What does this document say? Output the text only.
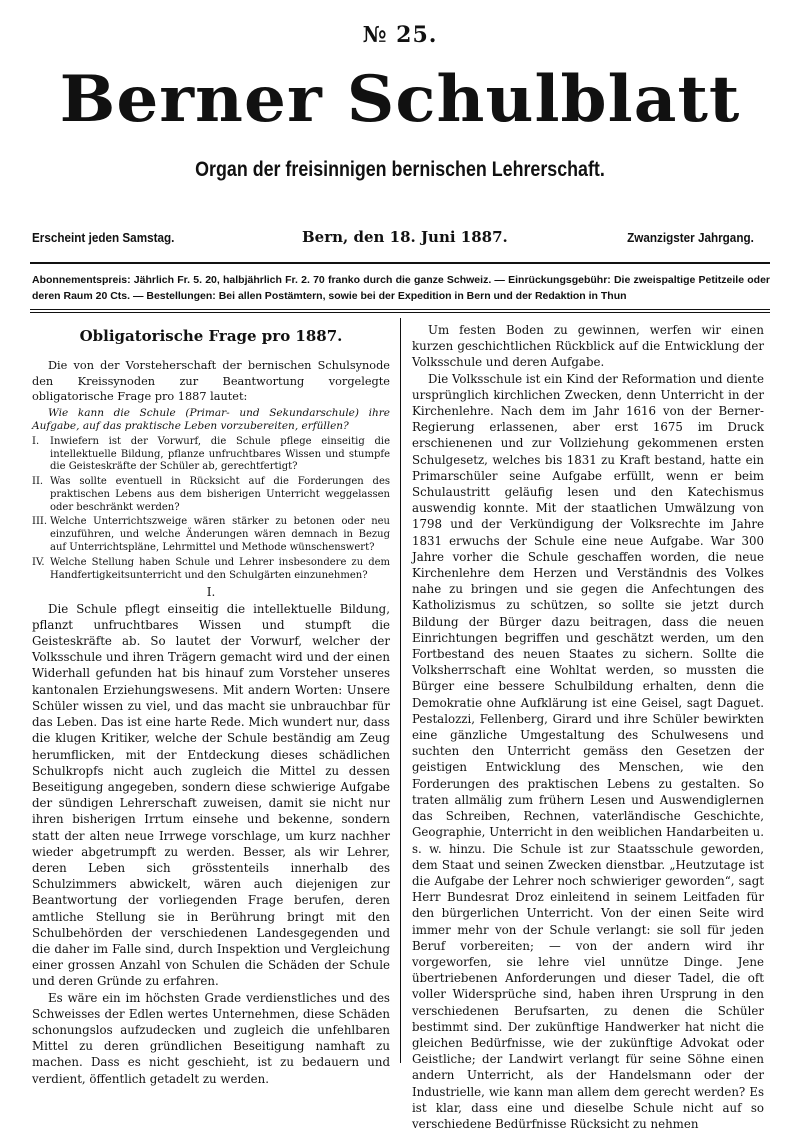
№ 25.
Berner Schulblatt
Organ der freisinnigen bernischen Lehrerschaft.
Erscheint jeden Samstag.	Bern, den 18. Juni 1887.	Zwanzigster Jahrgang.
Abonnementspreis: Jährlich Fr. 5. 20, halbjährlich Fr. 2. 70 franko durch die ganze Schweiz. — Einrückungsgebühr: Die zweispaltige Petitzeile oder deren Raum 20 Cts. — Bestellungen: Bei allen Postämtern, sowie bei der Expedition in Bern und der Redaktion in Thun

Obligatorische Frage pro 1887.

Die von der Vorsteherschaft der bernischen Schulsynode den Kreissynoden zur Beantwortung vorgelegte obligatorische Frage pro 1887 lautet:

Wie kann die Schule (Primar- und Sekundarschule) ihre Aufgabe, auf das praktische Leben vorzubereiten, erfüllen?

I. Inwiefern ist der Vorwurf, die Schule pflege einseitig die intellektuelle Bildung, pflanze unfruchtbares Wissen und stumpfe die Geisteskräfte der Schüler ab, gerechtfertigt?

II. Was sollte eventuell in Rücksicht auf die Forderungen des praktischen Lebens aus dem bisherigen Unterricht weggelassen oder beschränkt werden?

III. Welche Unterrichtszweige wären stärker zu betonen oder neu einzuführen, und welche Änderungen wären demnach in Bezug auf Unterrichtspläne, Lehrmittel und Methode wünschenswert?

IV. Welche Stellung haben Schule und Lehrer insbesondere zu dem Handfertigkeitsunterricht und den Schulgärten einzunehmen?

I.

Die Schule pflegt einseitig die intellektuelle Bildung, pflanzt unfruchtbares Wissen und stumpft die Geisteskräfte ab. So lautet der Vorwurf, welcher der Volksschule und ihren Trägern gemacht wird und der einen Widerhall gefunden hat bis hinauf zum Vorsteher unseres kantonalen Erziehungswesens. Mit andern Worten: Unsere Schüler wissen zu viel, und das macht sie unbrauchbar für das Leben. Das ist eine harte Rede. Mich wundert nur, dass die klugen Kritiker, welche der Schule beständig am Zeug herumflicken, mit der Entdeckung dieses schädlichen Schulkropfs nicht auch zugleich die Mittel zu dessen Beseitigung angegeben, sondern diese schwierige Aufgabe der sündigen Lehrerschaft zuweisen, damit sie nicht nur ihren bisherigen Irrtum einsehe und bekenne, sondern statt der alten neue Irrwege vorschlage, um kurz nachher wieder abgetrumpft zu werden. Besser, als wir Lehrer, deren Leben sich grösstenteils innerhalb des Schulzimmers abwickelt, wären auch diejenigen zur Beantwortung der vorliegenden Frage berufen, deren amtliche Stellung sie in Berührung bringt mit den Schulbehörden der verschiedenen Landesgegenden und die daher im Falle sind, durch Inspektion und Vergleichung einer grossen Anzahl von Schulen die Schäden der Schule und deren Gründe zu erfahren.

Es wäre ein im höchsten Grade verdienstliches und des Schweisses der Edlen wertes Unternehmen, diese Schäden schonungslos aufzudecken und zugleich die unfehlbaren Mittel zu deren gründlichen Beseitigung namhaft zu machen. Dass es nicht geschieht, ist zu bedauern und verdient, öffentlich getadelt zu werden.

Um festen Boden zu gewinnen, werfen wir einen kurzen geschichtlichen Rückblick auf die Entwicklung der Volksschule und deren Aufgabe.

Die Volksschule ist ein Kind der Reformation und diente ursprünglich kirchlichen Zwecken, denn Unterricht in der Kirchenlehre. Nach dem im Jahr 1616 von der Berner-Regierung erlassenen, aber erst 1675 im Druck erschienenen und zur Vollziehung gekommenen ersten Schulgesetz, welches bis 1831 zu Kraft bestand, hatte ein Primarschüler seine Aufgabe erfüllt, wenn er beim Schulaustritt geläufig lesen und den Katechismus auswendig konnte. Mit der staatlichen Umwälzung von 1798 und der Verkündigung der Volksrechte im Jahre 1831 erwuchs der Schule eine neue Aufgabe. War 300 Jahre vorher die Schule geschaffen worden, die neue Kirchenlehre dem Herzen und Verständnis des Volkes nahe zu bringen und sie gegen die Anfechtungen des Katholizismus zu schützen, so sollte sie jetzt durch Bildung der Bürger dazu beitragen, dass die neuen Einrichtungen begriffen und geschätzt werden, um den Fortbestand des neuen Staates zu sichern. Sollte die Volksherrschaft eine Wohltat werden, so mussten die Bürger eine bessere Schulbildung erhalten, denn die Demokratie ohne Aufklärung ist eine Geisel, sagt Daguet. Pestalozzi, Fellenberg, Girard und ihre Schüler bewirkten eine gänzliche Umgestaltung des Schulwesens und suchten den Unterricht gemäss den Gesetzen der geistigen Entwicklung des Menschen, wie den Forderungen des praktischen Lebens zu gestalten. So traten allmälig zum frühern Lesen und Auswendiglernen das Schreiben, Rechnen, vaterländische Geschichte, Geographie, Unterricht in den weiblichen Handarbeiten u. s. w. hinzu. Die Schule ist zur Staatsschule geworden, dem Staat und seinen Zwecken dienstbar. „Heutzutage ist die Aufgabe der Lehrer noch schwieriger geworden“, sagt Herr Bundesrat Droz einleitend in seinem Leitfaden für den bürgerlichen Unterricht. Von der einen Seite wird immer mehr von der Schule verlangt: sie soll für jeden Beruf vorbereiten; — von der andern wird ihr vorgeworfen, sie lehre viel unnütze Dinge. Jene übertriebenen Anforderungen und dieser Tadel, die oft voller Widersprüche sind, haben ihren Ursprung in den verschiedenen Berufsarten, zu denen die Schüler bestimmt sind. Der zukünftige Handwerker hat nicht die gleichen Bedürfnisse, wie der zukünftige Advokat oder Geistliche; der Landwirt verlangt für seine Söhne einen andern Unterricht, als der Handelsmann oder der Industrielle, wie kann man allem dem gerecht werden? Es ist klar, dass eine und dieselbe Schule nicht auf so verschiedene Bedürfnisse Rücksicht zu nehmen
